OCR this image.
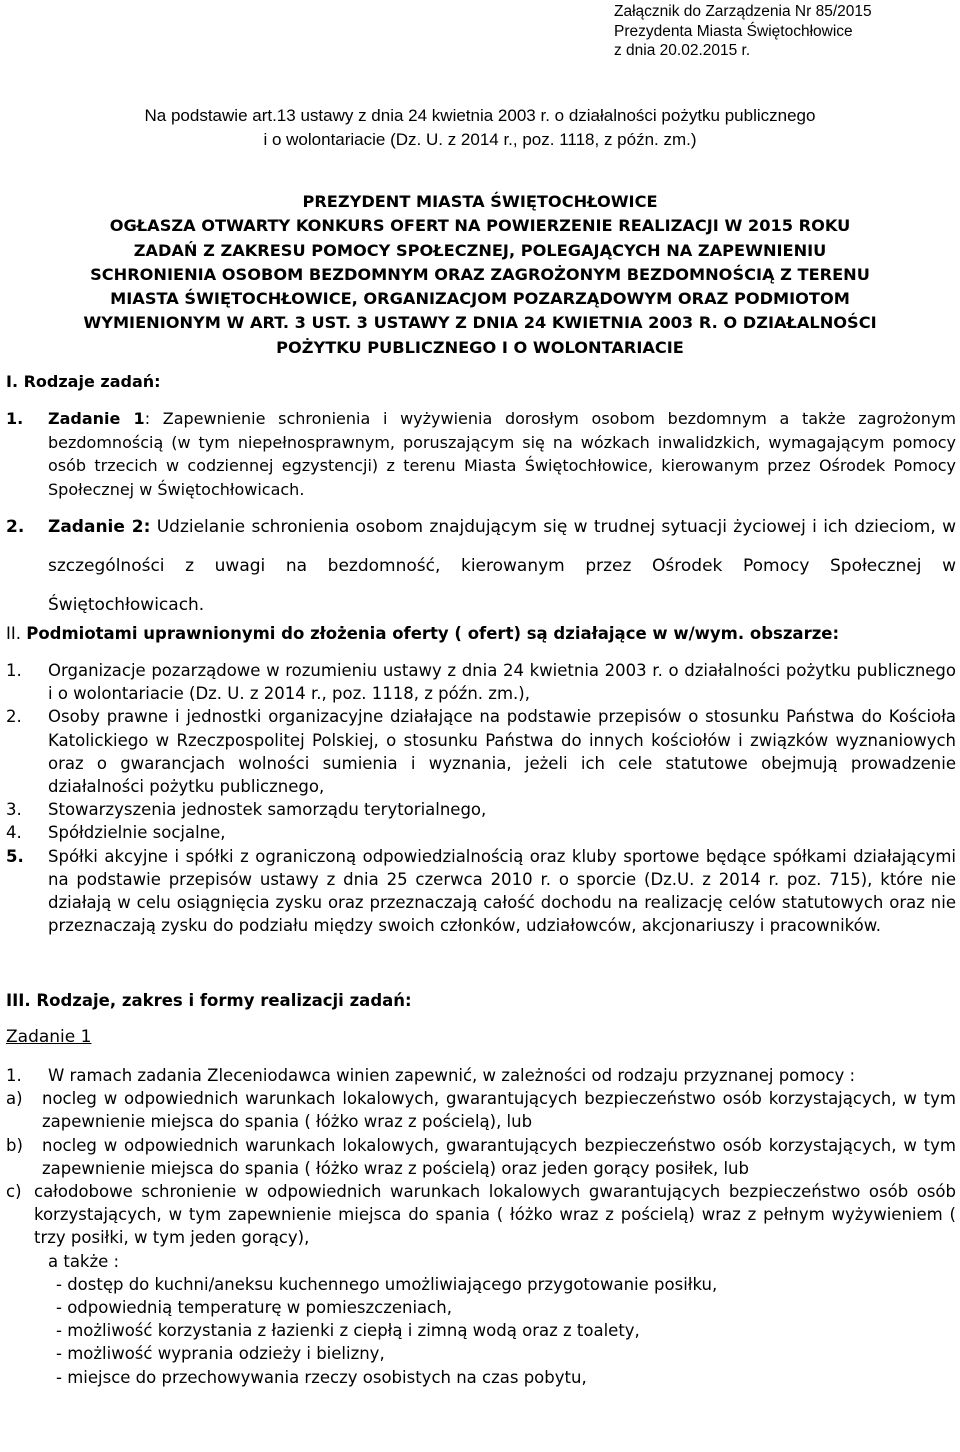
Załącznik do Zarządzenia Nr 85/2015
Prezydenta Miasta Świętochłowice
z dnia 20.02.2015 r.
Na podstawie art.13 ustawy z dnia 24 kwietnia 2003 r. o działalności pożytku publicznego
i o wolontariacie (Dz. U. z 2014 r., poz. 1118, z późn. zm.)
PREZYDENT MIASTA ŚWIĘTOCHŁOWICE
OGŁASZA OTWARTY KONKURS OFERT NA POWIERZENIE REALIZACJI W 2015 ROKU
ZADAŃ Z ZAKRESU POMOCY SPOŁECZNEJ, POLEGAJĄCYCH NA ZAPEWNIENIU
SCHRONIENIA OSOBOM BEZDOMNYM ORAZ ZAGROŻONYM BEZDOMNOŚCIĄ Z TERENU
MIASTA ŚWIĘTOCHŁOWICE, ORGANIZACJOM POZARZĄDOWYM ORAZ PODMIOTOM
WYMIENIONYM W ART. 3 UST. 3 USTAWY Z DNIA 24 KWIETNIA 2003 R. O DZIAŁALNOŚCI
POŻYTKU PUBLICZNEGO I O WOLONTARIACIE
I. Rodzaje zadań:
1.	Zadanie 1: Zapewnienie schronienia i wyżywienia dorosłym osobom bezdomnym a także zagrożonym bezdomnością (w tym niepełnosprawnym, poruszającym się na wózkach inwalidzkich, wymagającym pomocy osób trzecich w codziennej egzystencji) z terenu Miasta Świętochłowice, kierowanym przez Ośrodek Pomocy Społecznej w Świętochłowicach.
2.	Zadanie 2: Udzielanie schronienia osobom znajdującym się w trudnej sytuacji życiowej i ich dzieciom, w szczególności z uwagi na bezdomność, kierowanym przez Ośrodek Pomocy Społecznej w Świętochłowicach.
II. Podmiotami uprawnionymi do złożenia oferty ( ofert) są działające w w/wym. obszarze:
1. Organizacje pozarządowe w rozumieniu ustawy z dnia 24 kwietnia 2003 r. o działalności pożytku publicznego i o wolontariacie (Dz. U. z 2014 r., poz. 1118, z późn. zm.),
2. Osoby prawne i jednostki organizacyjne działające na podstawie przepisów o stosunku Państwa do Kościoła Katolickiego w Rzeczpospolitej Polskiej, o stosunku Państwa do innych kościołów i związków wyznaniowych oraz o gwarancjach wolności sumienia i wyznania, jeżeli ich cele statutowe obejmują prowadzenie działalności pożytku publicznego,
3. Stowarzyszenia jednostek samorządu terytorialnego,
4. Spółdzielnie socjalne,
5. Spółki akcyjne i spółki z ograniczoną odpowiedzialnością oraz kluby sportowe będące spółkami działającymi na podstawie przepisów ustawy z dnia 25 czerwca 2010 r. o sporcie (Dz.U. z 2014 r. poz. 715), które nie działają w celu osiągnięcia zysku oraz przeznaczają całość dochodu na realizację celów statutowych oraz nie przeznaczają zysku do podziału między swoich członków, udziałowców, akcjonariuszy i pracowników.
III. Rodzaje, zakres i formy realizacji zadań:
Zadanie 1
1. W ramach zadania Zleceniodawca winien zapewnić, w zależności od rodzaju przyznanej pomocy :
a) nocleg w odpowiednich warunkach lokalowych, gwarantujących bezpieczeństwo osób korzystających, w tym zapewnienie miejsca do spania ( łóżko wraz z pościelą), lub
b) nocleg w odpowiednich warunkach lokalowych, gwarantujących bezpieczeństwo osób korzystających, w tym zapewnienie miejsca do spania ( łóżko wraz z pościelą) oraz jeden gorący posiłek, lub
c) całodobowe schronienie w odpowiednich warunkach lokalowych gwarantujących bezpieczeństwo osób osób korzystających, w tym zapewnienie miejsca do spania ( łóżko wraz z pościelą) wraz z pełnym wyżywieniem ( trzy posiłki, w tym jeden gorący),
a także :
- dostęp do kuchni/aneksu kuchennego umożliwiającego przygotowanie posiłku,
- odpowiednią temperaturę w pomieszczeniach,
- możliwość korzystania z łazienki z ciepłą i zimną wodą oraz z toalety,
- możliwość wyprania odzieży i bielizny,
- miejsce do przechowywania rzeczy osobistych na czas pobytu,
